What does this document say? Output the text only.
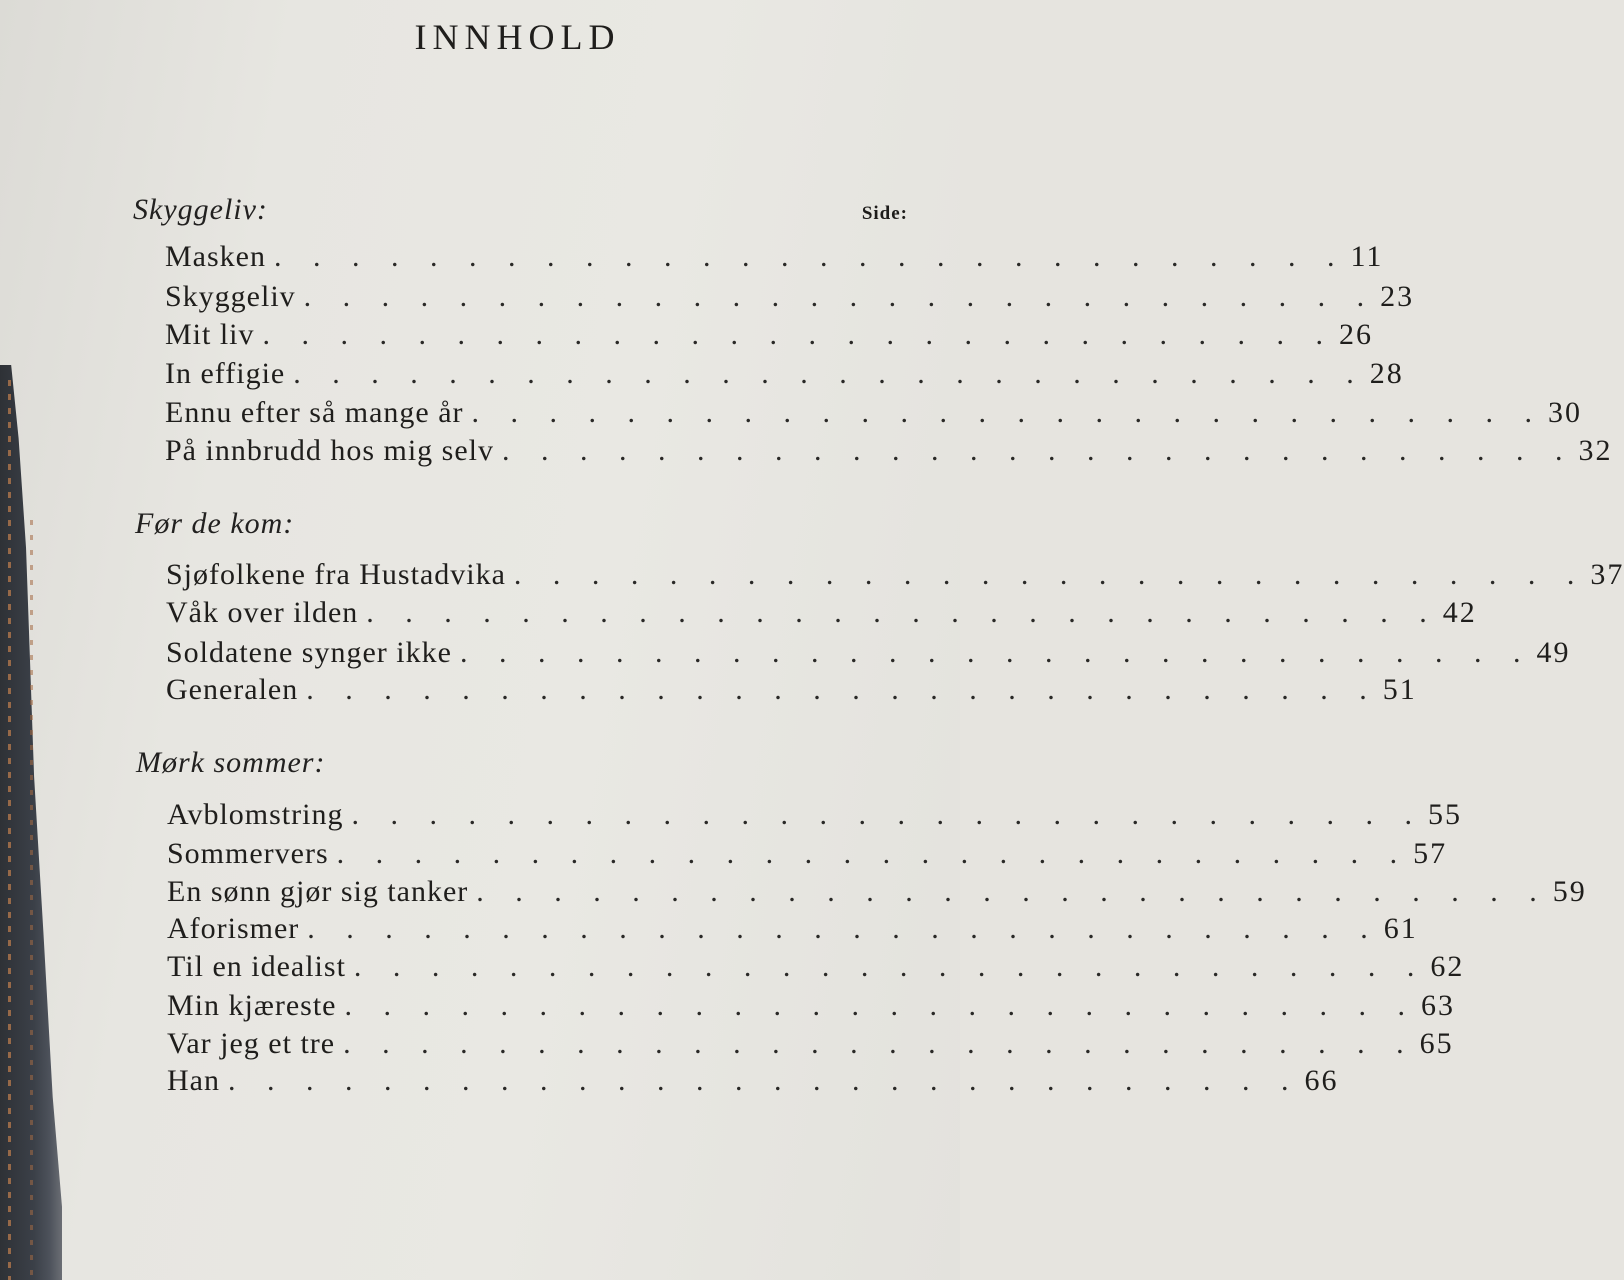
INNHOLD
Side:
Skyggeliv:
Masken . . . . . . . . . . . . . . . . . . . . . . . . . . . . 11
Skyggeliv . . . . . . . . . . . . . . . . . . . . . . . . . . . . 23
Mit liv . . . . . . . . . . . . . . . . . . . . . . . . . . . . 26
In effigie . . . . . . . . . . . . . . . . . . . . . . . . . . . . 28
Ennu efter så mange år . . . . . . . . . . . . . . . . . . . . . . . . . . . . 30
På innbrudd hos mig selv . . . . . . . . . . . . . . . . . . . . . . . . . . . . 32
Før de kom:
Sjøfolkene fra Hustadvika . . . . . . . . . . . . . . . . . . . . . . . . . . . . 37
Våk over ilden . . . . . . . . . . . . . . . . . . . . . . . . . . . . 42
Soldatene synger ikke . . . . . . . . . . . . . . . . . . . . . . . . . . . . 49
Generalen . . . . . . . . . . . . . . . . . . . . . . . . . . . . 51
Mørk sommer:
Avblomstring . . . . . . . . . . . . . . . . . . . . . . . . . . . . 55
Sommervers . . . . . . . . . . . . . . . . . . . . . . . . . . . . 57
En sønn gjør sig tanker . . . . . . . . . . . . . . . . . . . . . . . . . . . . 59
Aforismer . . . . . . . . . . . . . . . . . . . . . . . . . . . . 61
Til en idealist . . . . . . . . . . . . . . . . . . . . . . . . . . . . 62
Min kjæreste . . . . . . . . . . . . . . . . . . . . . . . . . . . . 63
Var jeg et tre . . . . . . . . . . . . . . . . . . . . . . . . . . . . 65
Han . . . . . . . . . . . . . . . . . . . . . . . . . . . . 66
